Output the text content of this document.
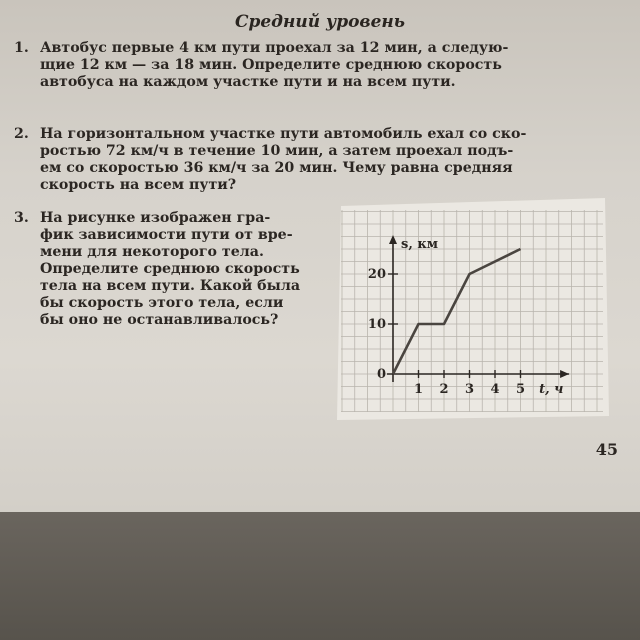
Средний уровень
1. Автобус первые 4 км пути проехал за 12 мин, а следую-
щие 12 км — за 18 мин. Определите среднюю скорость
автобуса на каждом участке пути и на всем пути.
2. На горизонтальном участке пути автомобиль ехал со ско-
ростью 72 км/ч в течение 10 мин, а затем проехал подъ-
ем со скоростью 36 км/ч за 20 мин. Чему равна средняя
скорость на всем пути?
3. На рисунке изображен гра-
фик зависимости пути от вре-
мени для некоторого тела.
Определите среднюю скорость
тела на всем пути. Какой была
бы скорость этого тела, если
бы оно не останавливалось?
1 2 3 4 5
0
10
20
s, км
t, ч
45
